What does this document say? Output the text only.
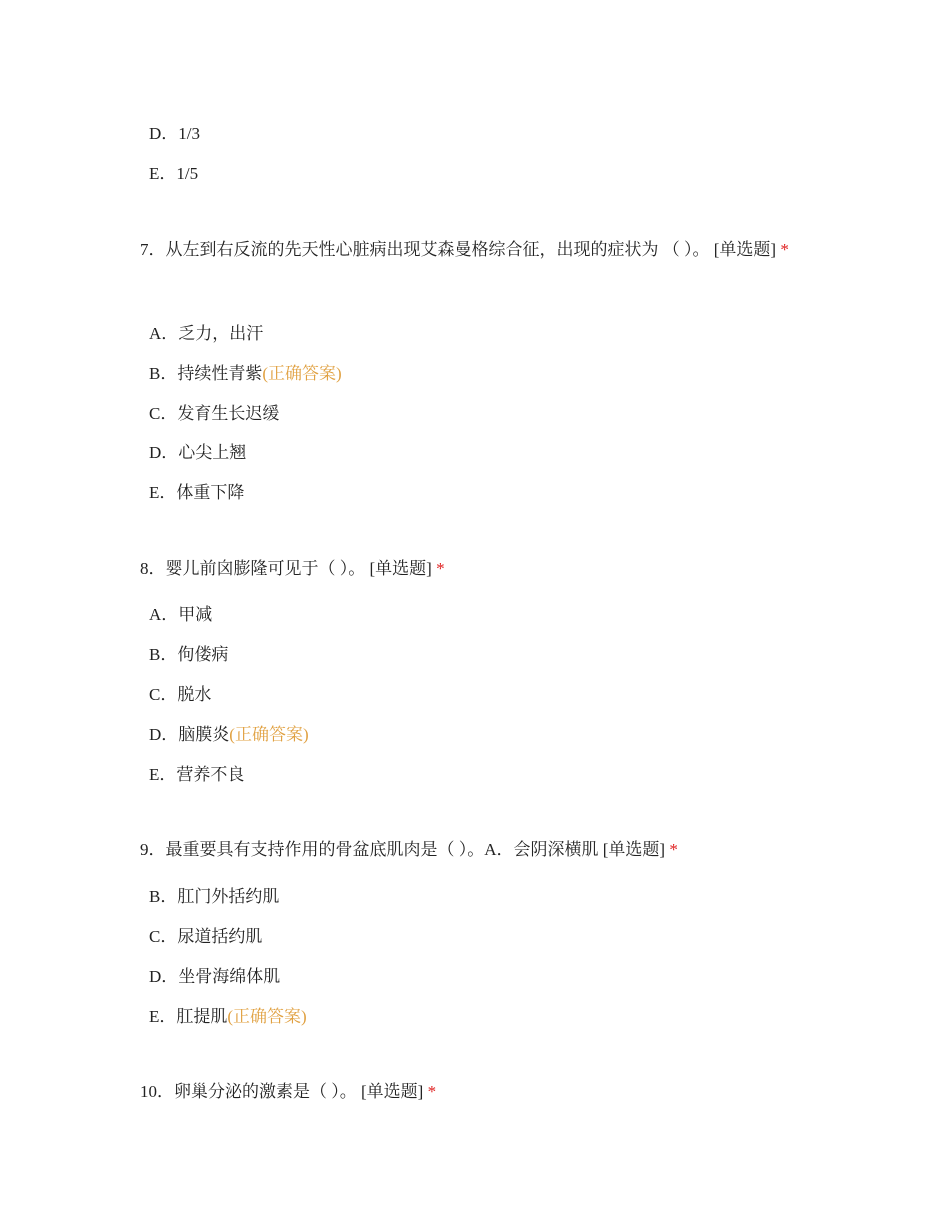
D．1/3
E．1/5
7．从左到右反流的先天性心脏病出现艾森曼格综合征，出现的症状为 （ ）。 [单选题] *
A．乏力，出汗
B．持续性青紫(正确答案)
C．发育生长迟缓
D．心尖上翘
E．体重下降
8．婴儿前囟膨隆可见于（ ）。 [单选题] *
A．甲减
B．佝偻病
C．脱水
D．脑膜炎(正确答案)
E．营养不良
9．最重要具有支持作用的骨盆底肌肉是（ ）。A．会阴深横肌 [单选题] *
B．肛门外括约肌
C．尿道括约肌
D．坐骨海绵体肌
E．肛提肌(正确答案)
10．卵巢分泌的激素是（ ）。 [单选题] *
